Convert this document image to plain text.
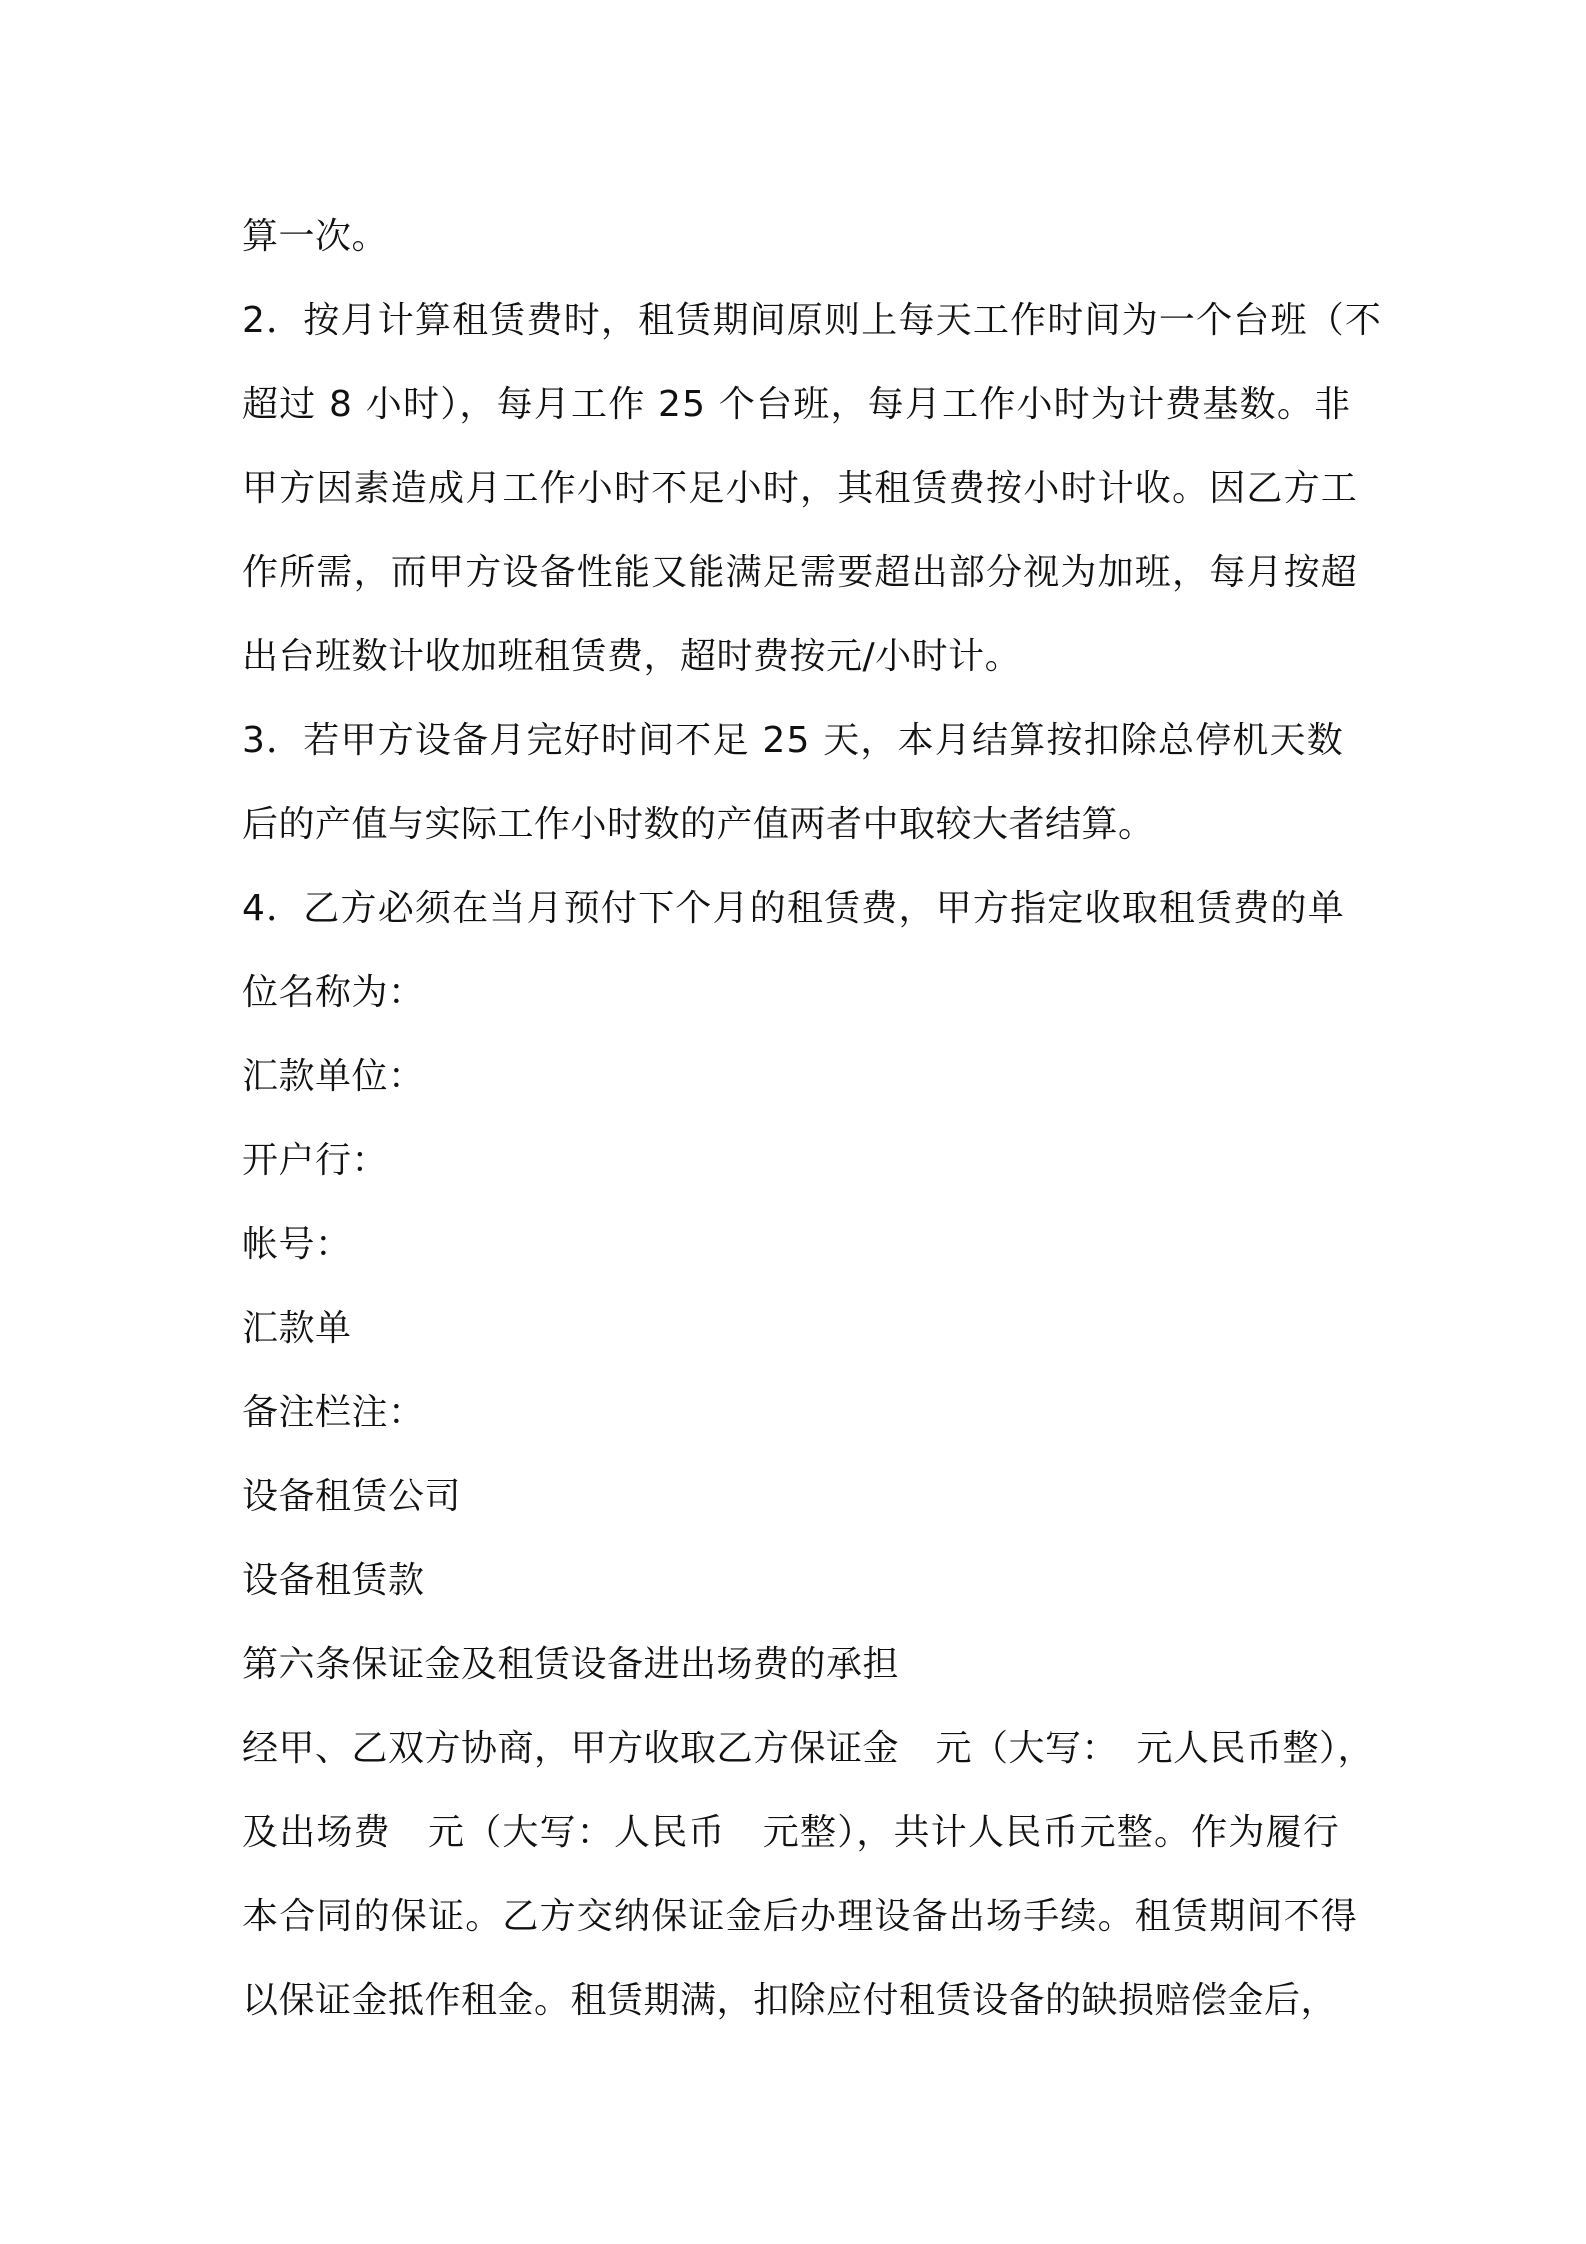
算一次。
2．按月计算租赁费时，租赁期间原则上每天工作时间为一个台班（不
超过 8 小时），每月工作 25 个台班，每月工作小时为计费基数。非
甲方因素造成月工作小时不足小时，其租赁费按小时计收。因乙方工
作所需，而甲方设备性能又能满足需要超出部分视为加班，每月按超
出台班数计收加班租赁费，超时费按元/小时计。
3．若甲方设备月完好时间不足 25 天，本月结算按扣除总停机天数
后的产值与实际工作小时数的产值两者中取较大者结算。
4．乙方必须在当月预付下个月的租赁费，甲方指定收取租赁费的单
位名称为：
汇款单位：
开户行：
帐号：
汇款单
备注栏注：
设备租赁公司
设备租赁款
第六条保证金及租赁设备进出场费的承担
经甲、乙双方协商，甲方收取乙方保证金　元（大写：　元人民币整），
及出场费　元（大写：人民币　元整），共计人民币元整。作为履行
本合同的保证。乙方交纳保证金后办理设备出场手续。租赁期间不得
以保证金抵作租金。租赁期满，扣除应付租赁设备的缺损赔偿金后，
